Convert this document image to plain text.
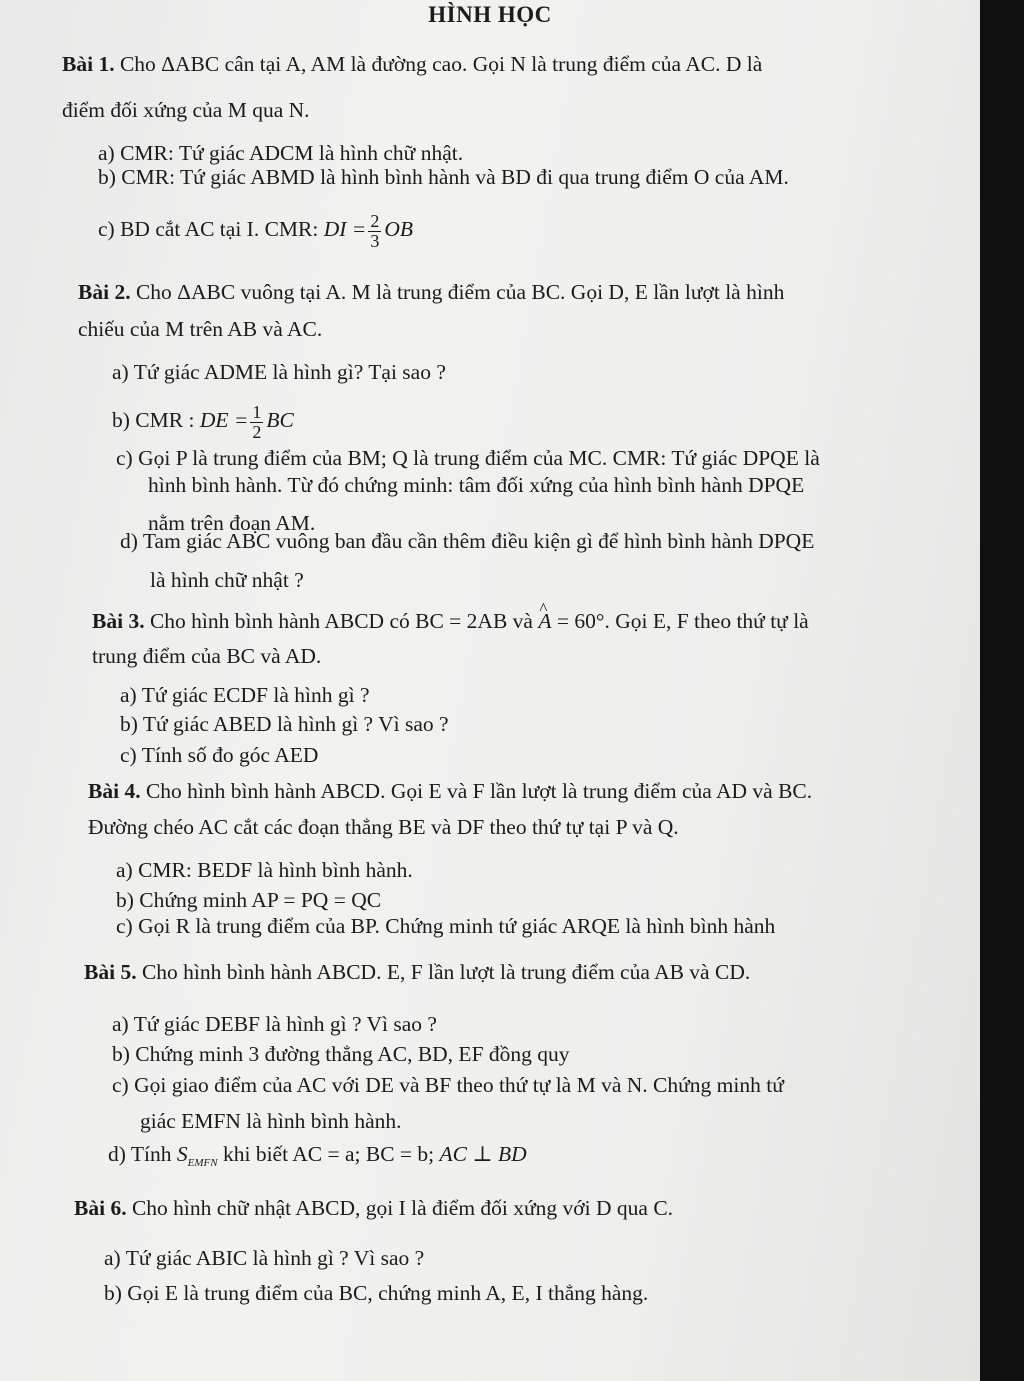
HÌNH HỌC
Bài 1. Cho ΔABC cân tại A, AM là đường cao. Gọi N là trung điểm của AC. D là
điểm đối xứng của M qua N.
a) CMR: Tứ giác ADCM là hình chữ nhật.
b) CMR: Tứ giác ABMD là hình bình hành và BD đi qua trung điểm O của AM.
c) BD cắt AC tại I. CMR: DI = $\frac{2}{3}$ OB
Bài 2. Cho ΔABC vuông tại A. M là trung điểm của BC. Gọi D, E lần lượt là hình
chiếu của M trên AB và AC.
a) Tứ giác ADME là hình gì? Tại sao ?
b) CMR : DE = $\frac{1}{2}$ BC
c) Gọi P là trung điểm của BM; Q là trung điểm của MC. CMR: Tứ giác DPQE là
hình bình hành. Từ đó chứng minh: tâm đối xứng của hình bình hành DPQE
nằm trên đoạn AM.
d) Tam giác ABC vuông ban đầu cần thêm điều kiện gì để hình bình hành DPQE
là hình chữ nhật ?
Bài 3. Cho hình bình hành ABCD có BC = 2AB và ^ A = 60°. Gọi E, F theo thứ tự là
trung điểm của BC và AD.
a) Tứ giác ECDF là hình gì ?
b) Tứ giác ABED là hình gì ? Vì sao ?
c) Tính số đo góc AED
Bài 4. Cho hình bình hành ABCD. Gọi E và F lần lượt là trung điểm của AD và BC.
Đường chéo AC cắt các đoạn thẳng BE và DF theo thứ tự tại P và Q.
a) CMR: BEDF là hình bình hành.
b) Chứng minh AP = PQ = QC
c) Gọi R là trung điểm của BP. Chứng minh tứ giác ARQE là hình bình hành
Bài 5. Cho hình bình hành ABCD. E, F lần lượt là trung điểm của AB và CD.
a) Tứ giác DEBF là hình gì ? Vì sao ?
b) Chứng minh 3 đường thẳng AC, BD, EF đồng quy
c) Gọi giao điểm của AC với DE và BF theo thứ tự là M và N. Chứng minh tứ
giác EMFN là hình bình hành.
d) Tính $S_{EMFN}$ khi biết AC = a; BC = b; AC ⊥ BD
Bài 6. Cho hình chữ nhật ABCD, gọi I là điểm đối xứng với D qua C.
a) Tứ giác ABIC là hình gì ? Vì sao ?
b) Gọi E là trung điểm của BC, chứng minh A, E, I thẳng hàng.
